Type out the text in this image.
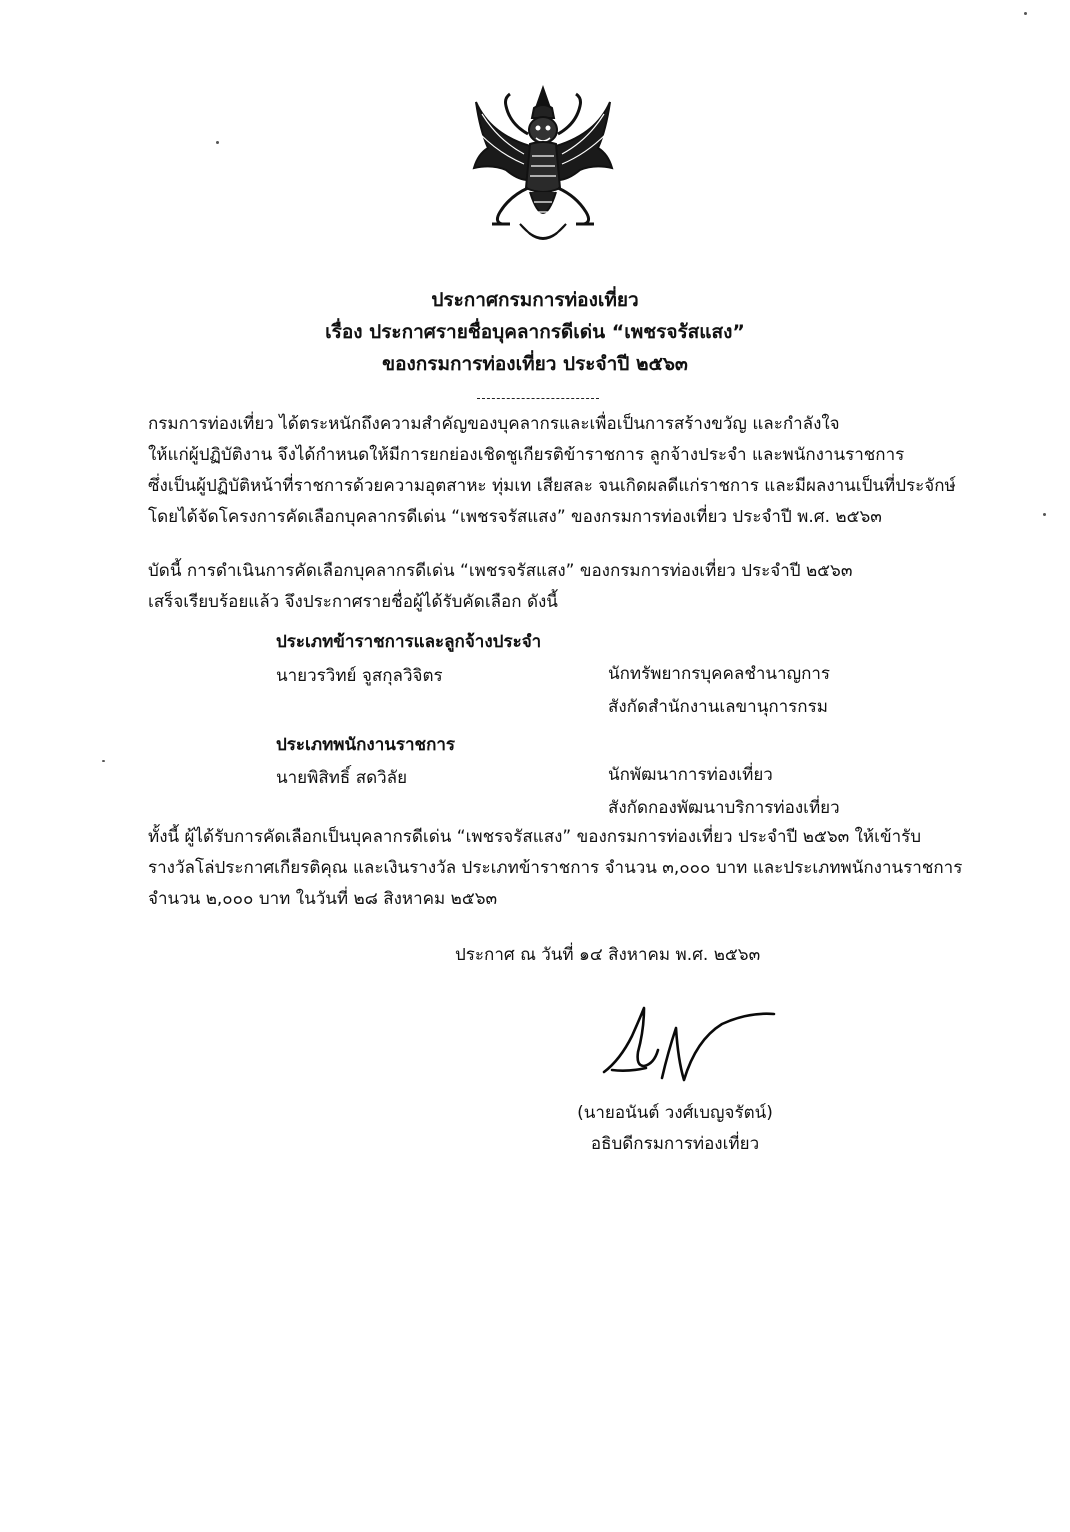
ประกาศกรมการท่องเที่ยว
เรื่อง ประกาศรายชื่อบุคลากรดีเด่น “เพชรจรัสแสง”
ของกรมการท่องเที่ยว ประจำปี ๒๕๖๓
กรมการท่องเที่ยว ได้ตระหนักถึงความสำคัญของบุคลากรและเพื่อเป็นการสร้างขวัญ และกำลังใจ
ให้แก่ผู้ปฏิบัติงาน จึงได้กำหนดให้มีการยกย่องเชิดชูเกียรติข้าราชการ ลูกจ้างประจำ และพนักงานราชการ
ซึ่งเป็นผู้ปฏิบัติหน้าที่ราชการด้วยความอุตสาหะ ทุ่มเท เสียสละ จนเกิดผลดีแก่ราชการ และมีผลงานเป็นที่ประจักษ์
โดยได้จัดโครงการคัดเลือกบุคลากรดีเด่น “เพชรจรัสแสง” ของกรมการท่องเที่ยว ประจำปี พ.ศ. ๒๕๖๓
บัดนี้ การดำเนินการคัดเลือกบุคลากรดีเด่น “เพชรจรัสแสง” ของกรมการท่องเที่ยว ประจำปี ๒๕๖๓
เสร็จเรียบร้อยแล้ว จึงประกาศรายชื่อผู้ได้รับคัดเลือก ดังนี้
ประเภทข้าราชการและลูกจ้างประจำ
นายวรวิทย์ จูสกุลวิจิตร	นักทรัพยากรบุคคลชำนาญการ
สังกัดสำนักงานเลขานุการกรม
ประเภทพนักงานราชการ
นายพิสิทธิ์ สดวิลัย	นักพัฒนาการท่องเที่ยว
สังกัดกองพัฒนาบริการท่องเที่ยว
ทั้งนี้ ผู้ได้รับการคัดเลือกเป็นบุคลากรดีเด่น “เพชรจรัสแสง” ของกรมการท่องเที่ยว ประจำปี ๒๕๖๓ ให้เข้ารับ
รางวัลโล่ประกาศเกียรติคุณ และเงินรางวัล ประเภทข้าราชการ จำนวน ๓,๐๐๐ บาท และประเภทพนักงานราชการ
จำนวน ๒,๐๐๐ บาท ในวันที่ ๒๘ สิงหาคม ๒๕๖๓
ประกาศ ณ วันที่ ๑๔ สิงหาคม พ.ศ. ๒๕๖๓
(นายอนันต์ วงศ์เบญจรัตน์)
อธิบดีกรมการท่องเที่ยว
